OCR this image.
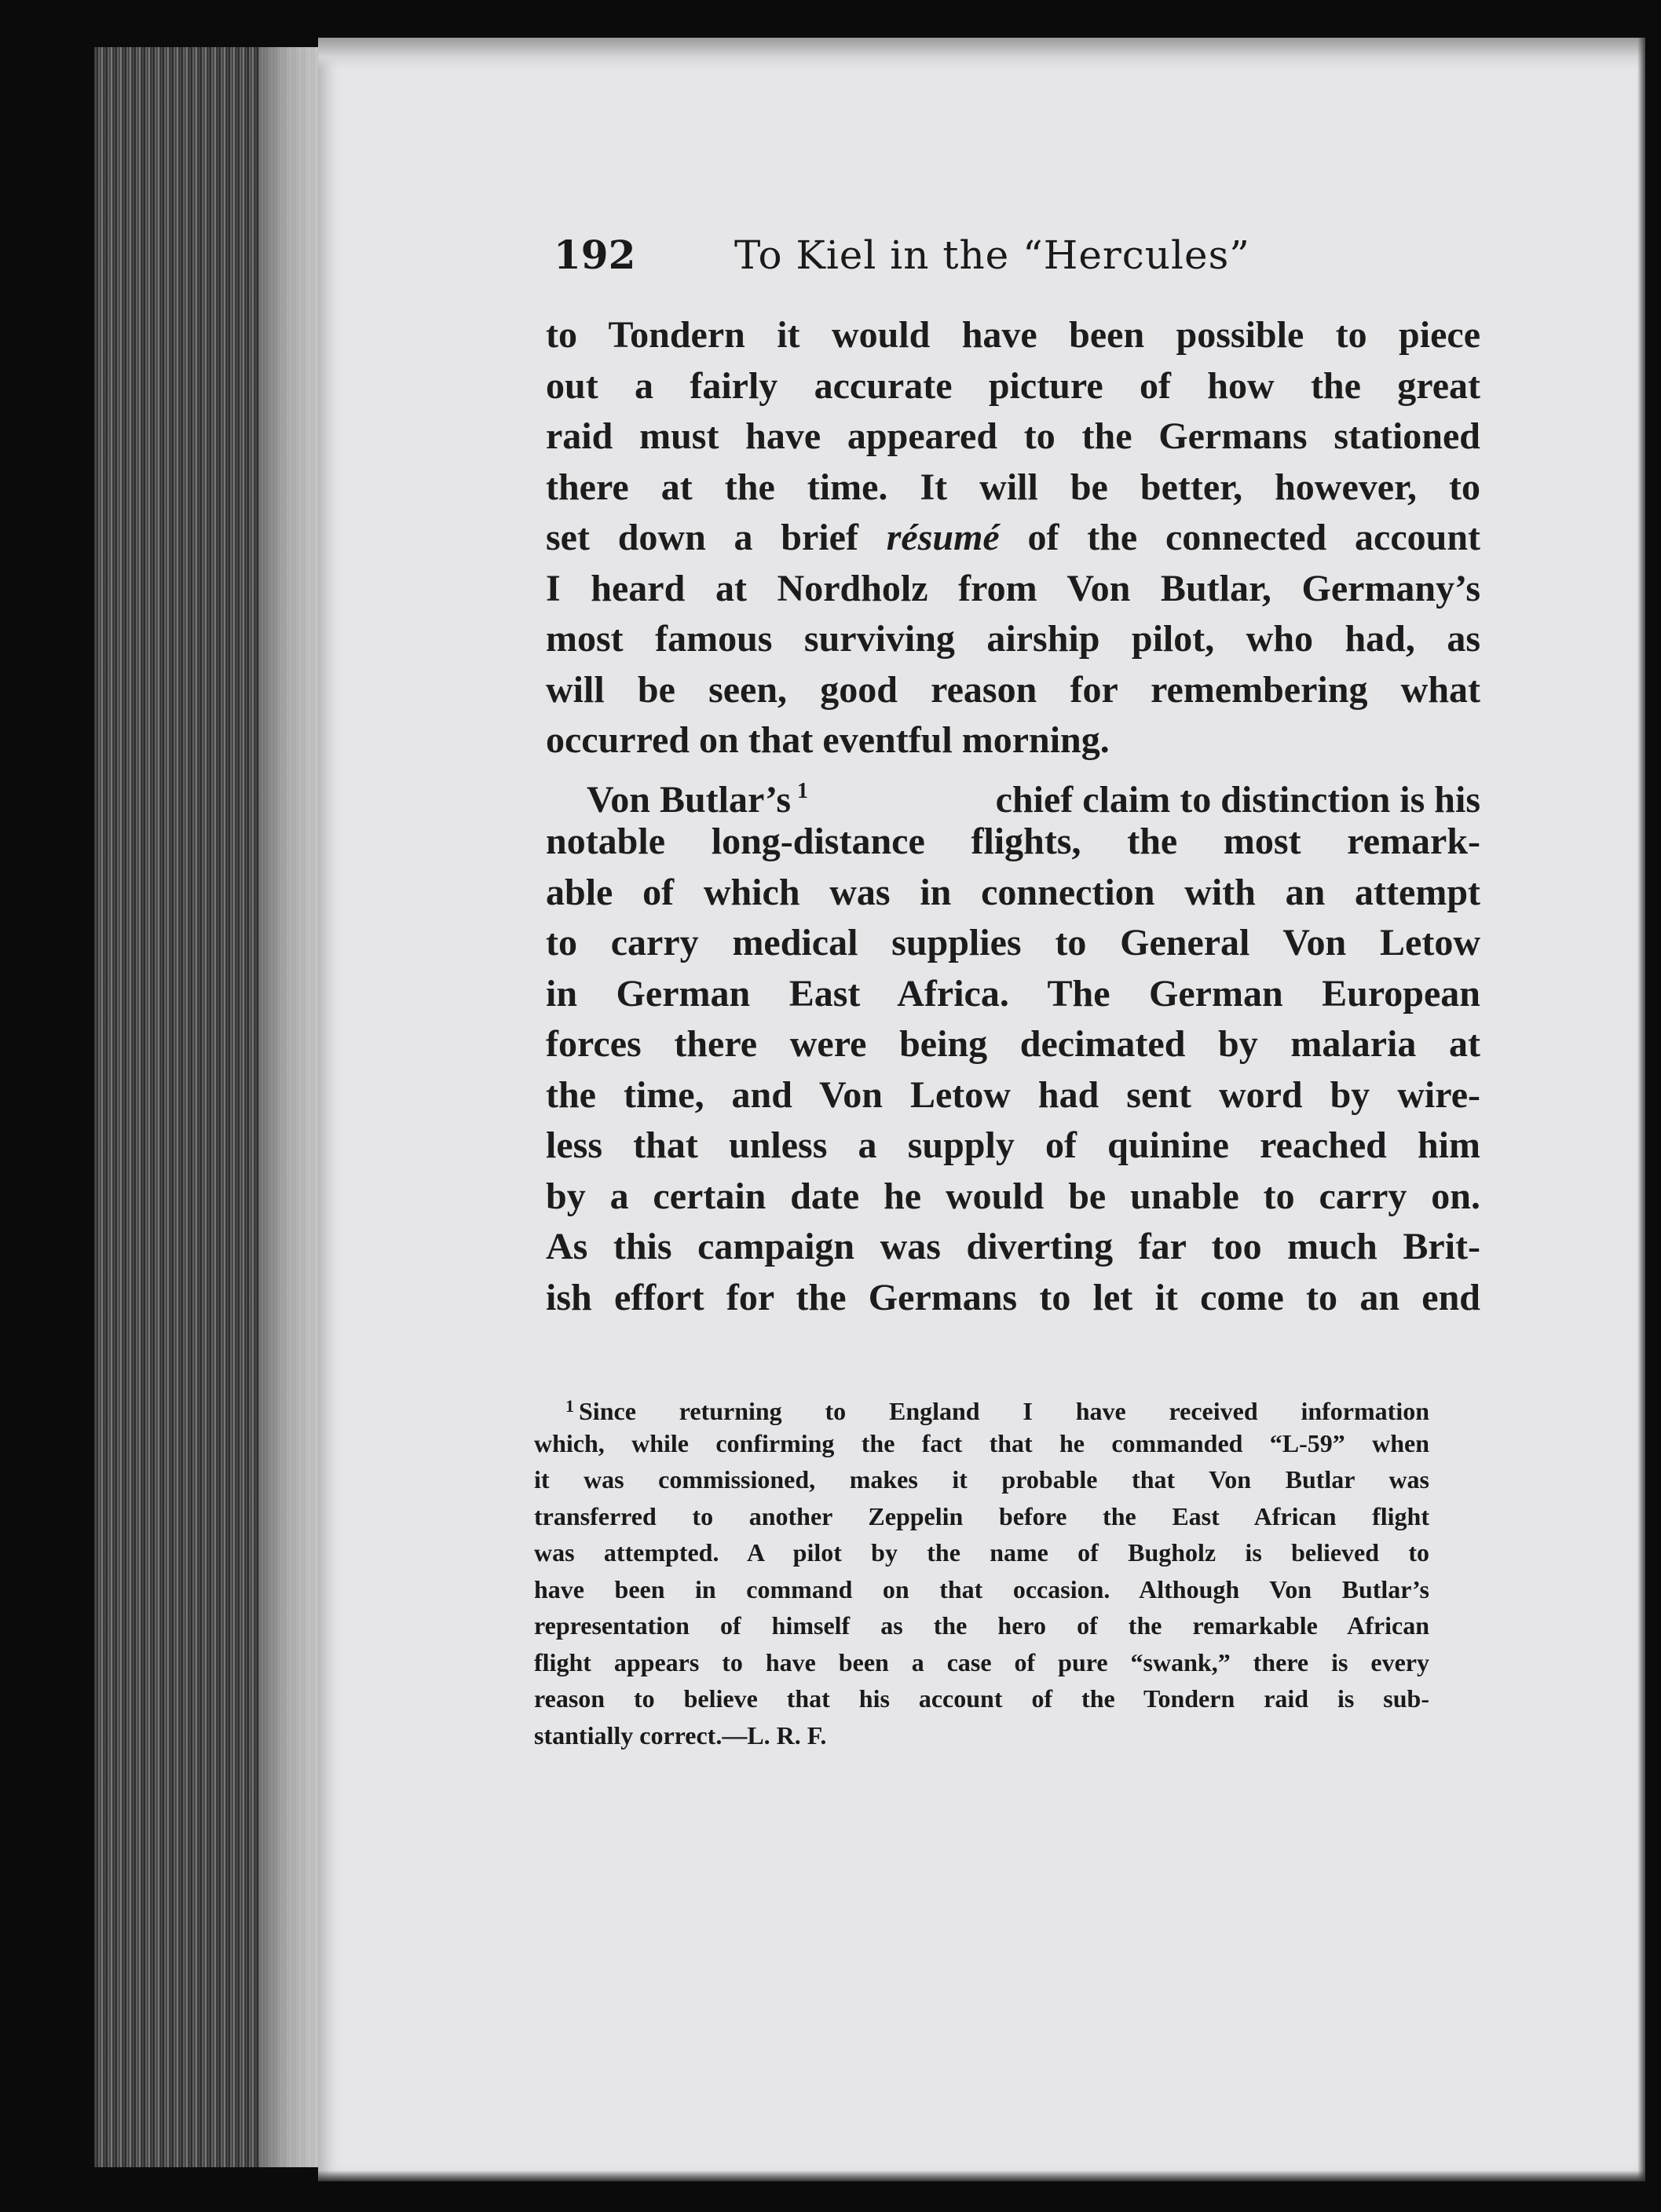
192	To Kiel in the “Hercules”
to Tondern it would have been possible to piece
out a fairly accurate picture of how the great
raid must have appeared to the Germans stationed
there at the time. It will be better, however, to
set down a brief résumé of the connected account
I heard at Nordholz from Von Butlar, Germany’s
most famous surviving airship pilot, who had, as
will be seen, good reason for remembering what
occurred on that eventful morning.
Von Butlar’s $^1$	chief claim to distinction is his
notable long-distance flights, the most remark-
able of which was in connection with an attempt
to carry medical supplies to General Von Letow
in German East Africa. The German European
forces there were being decimated by malaria at
the time, and Von Letow had sent word by wire-
less that unless a supply of quinine reached him
by a certain date he would be unable to carry on.
As this campaign was diverting far too much Brit-
ish effort for the Germans to let it come to an end
$^1$ Since returning to England I have received information
which, while confirming the fact that he commanded “L-59” when
it was commissioned, makes it probable that Von Butlar was
transferred to another Zeppelin before the East African flight
was attempted. A pilot by the name of Bugholz is believed to
have been in command on that occasion. Although Von Butlar’s
representation of himself as the hero of the remarkable African
flight appears to have been a case of pure “swank,” there is every
reason to believe that his account of the Tondern raid is sub-
stantially correct.—L. R. F.
